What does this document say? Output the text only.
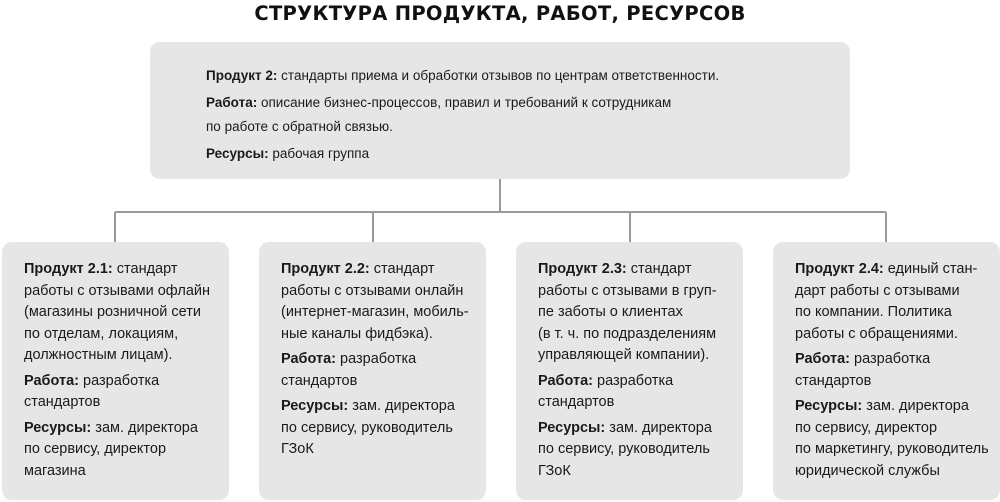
СТРУКТУРА ПРОДУКТА, РАБОТ, РЕСУРСОВ

Продукт 2: стандарты приема и обработки отзывов по центрам ответственности.

Работа: описание бизнес-процессов, правил и требований к сотрудникам
по работе с обратной связью.

Ресурсы: рабочая группа

Продукт 2.1: стандарт
работы с отзывами офлайн
(магазины розничной сети
по отделам, локациям,
должностным лицам).

Работа: разработка
стандартов

Ресурсы: зам. директора
по сервису, директор
магазина

Продукт 2.2: стандарт
работы с отзывами онлайн
(интернет-магазин, мобиль-
ные каналы фидбэка).

Работа: разработка
стандартов

Ресурсы: зам. директора
по сервису, руководитель
ГЗоК

Продукт 2.3: стандарт
работы с отзывами в груп-
пе заботы о клиентах
(в т. ч. по подразделениям
управляющей компании).

Работа: разработка
стандартов

Ресурсы: зам. директора
по сервису, руководитель
ГЗоК

Продукт 2.4: единый стан-
дарт работы с отзывами
по компании. Политика
работы с обращениями.

Работа: разработка
стандартов

Ресурсы: зам. директора
по сервису, директор
по маркетингу, руководитель
юридической службы
